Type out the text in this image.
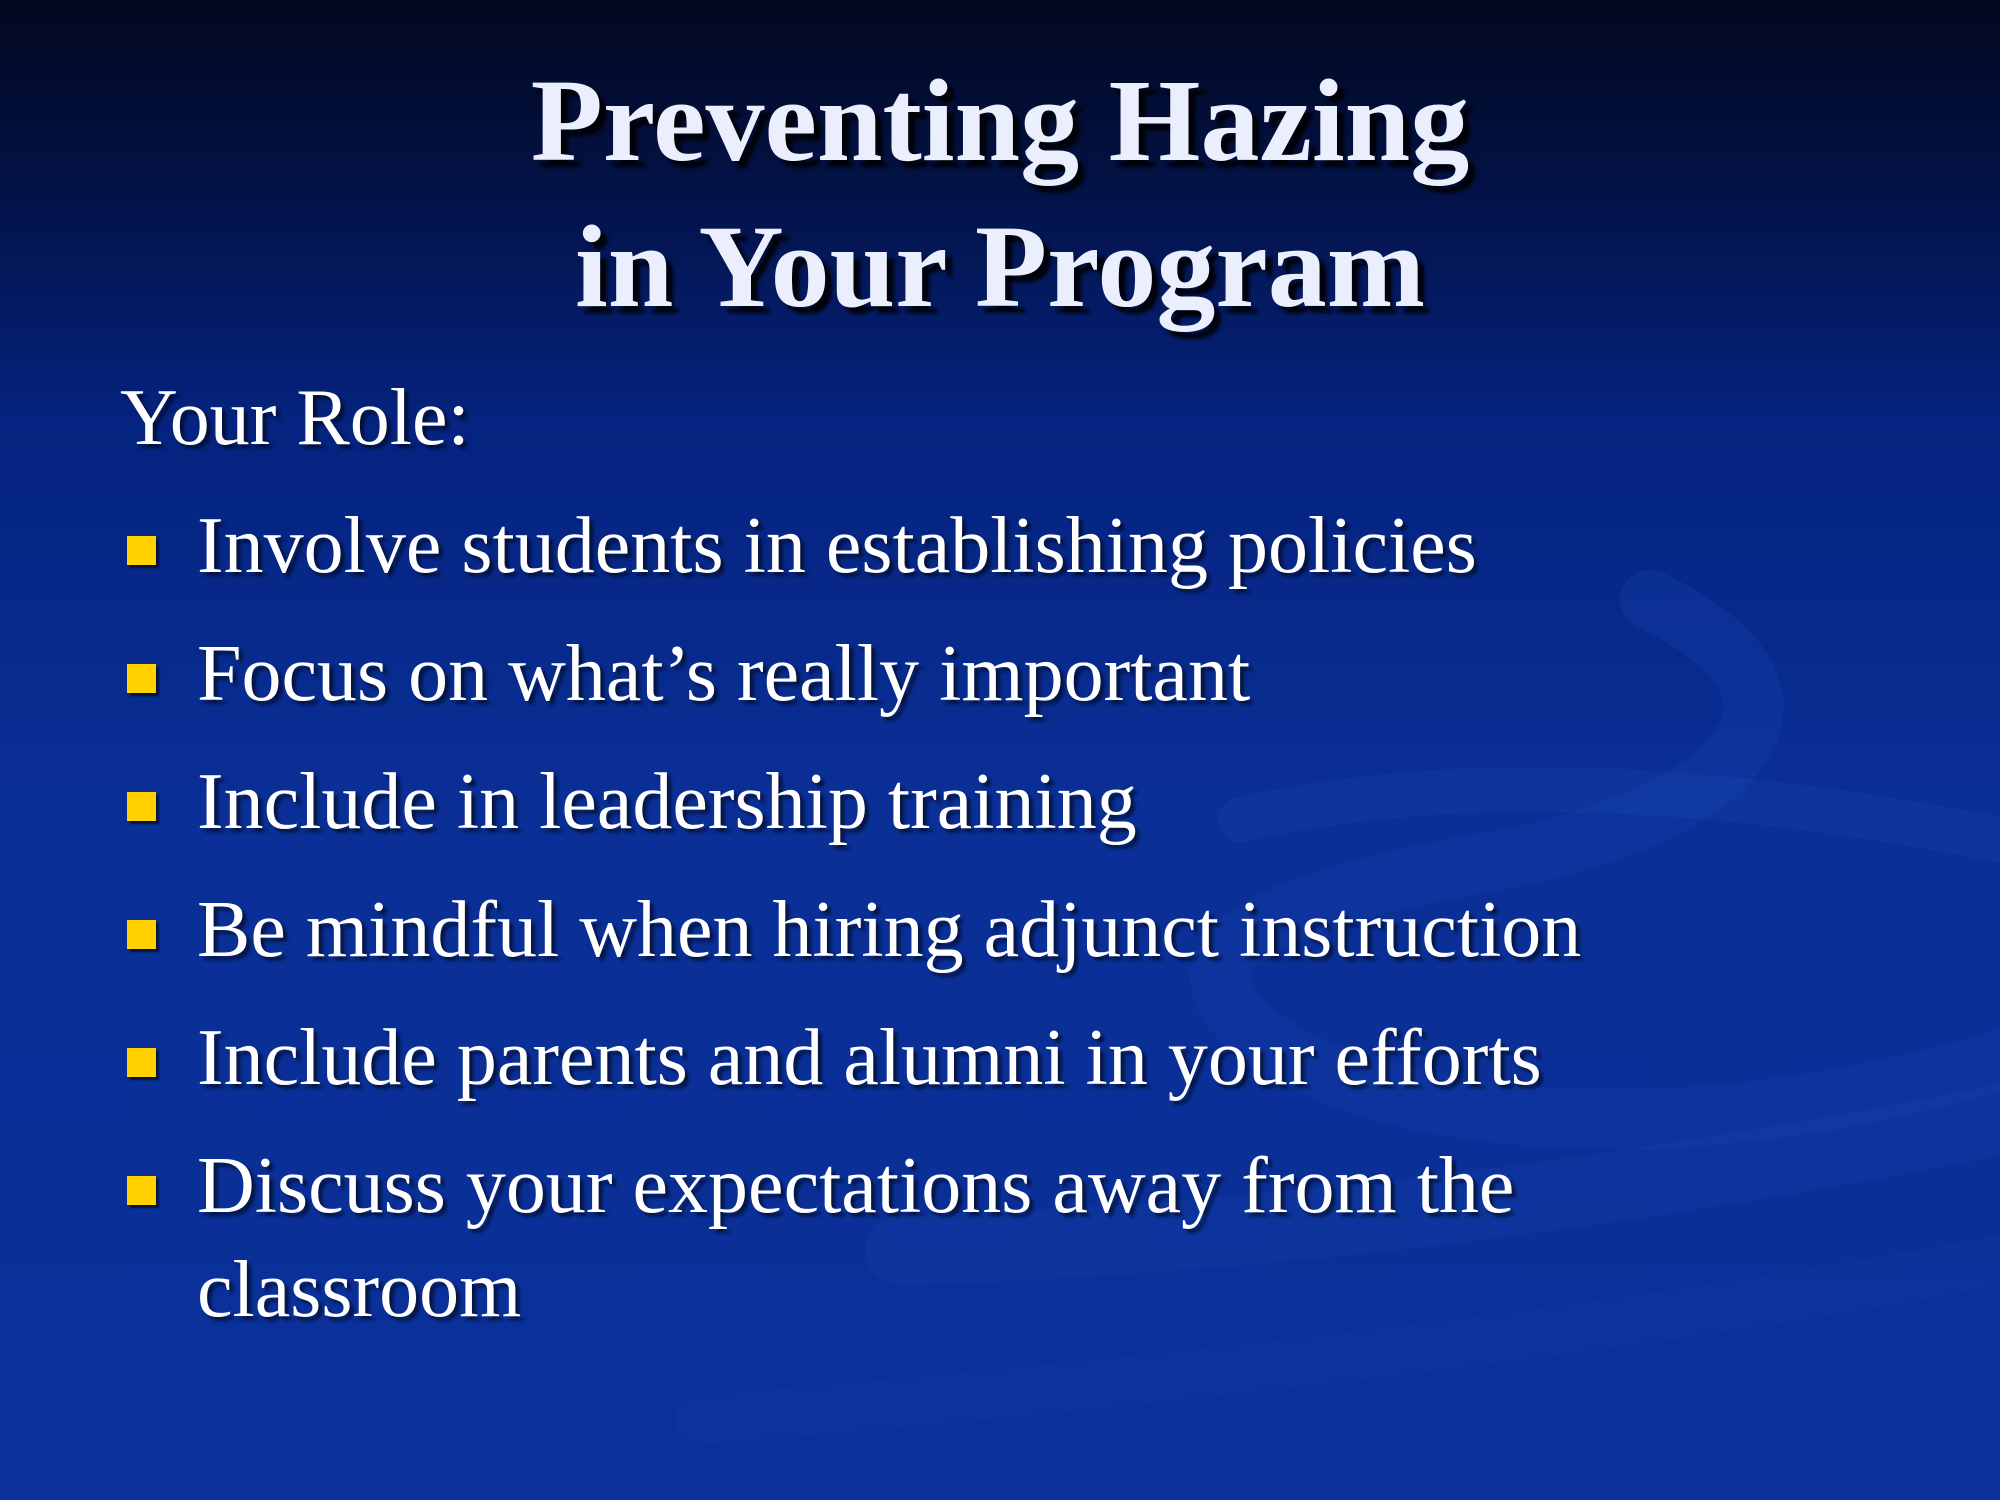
Preventing Hazing
in Your Program
Your Role:
Involve students in establishing policies
Focus on what’s really important
Include in leadership training
Be mindful when hiring adjunct instruction
Include parents and alumni in your efforts
Discuss your expectations away from the classroom
